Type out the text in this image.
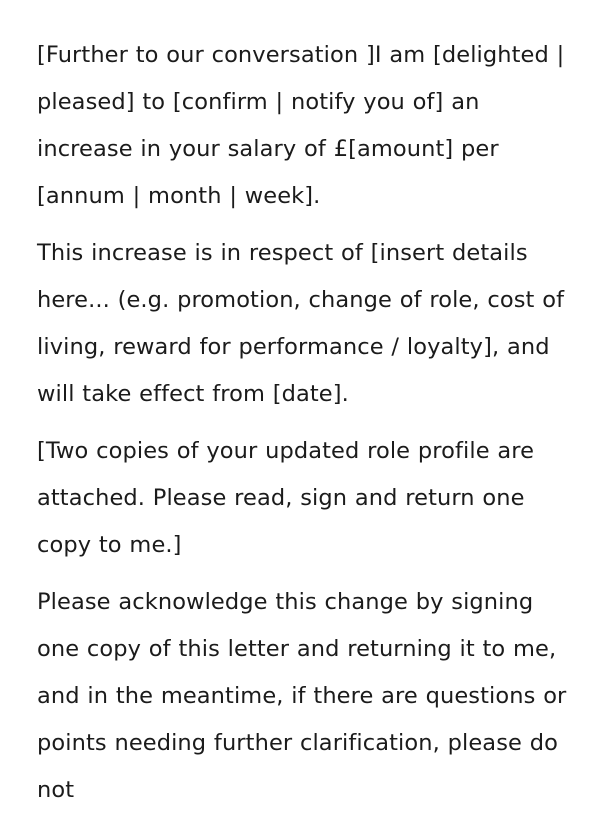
[Further to our conversation ]I am [delighted | pleased] to [confirm | notify you of] an increase in your salary of £[amount] per [annum | month | week].

This increase is in respect of [insert details here... (e.g. promotion, change of role, cost of living, reward for performance / loyalty], and will take effect from [date].

[Two copies of your updated role profile are attached. Please read, sign and return one copy to me.]

Please acknowledge this change by signing one copy of this letter and returning it to me, and in the meantime, if there are questions or points needing further clarification, please do not
